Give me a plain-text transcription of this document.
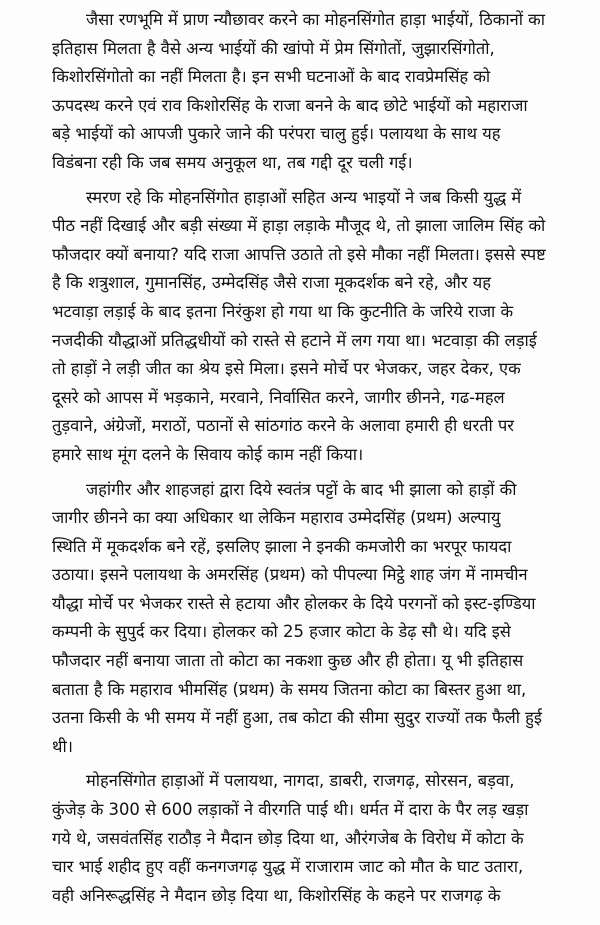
जैसा रणभूमि में प्राण न्यौछावर करने का मोहनसिंगोत हाड़ा भाईयों, ठिकानों का
इतिहास मिलता है वैसे अन्य भाईयों की खांपो में प्रेम सिंगोतों, जुझारसिंगोतो,
किशोरसिंगोतो का नहीं मिलता है। इन सभी घटनाओं के बाद रावप्रेमसिंह को
ऊपदस्थ करने एवं राव किशोरसिंह के राजा बनने के बाद छोटे भाईयों को महाराजा
बड़े भाईयों को आपजी पुकारे जाने की परंपरा चालु हुई। पलायथा के साथ यह
विडंबना रही कि जब समय अनुकूल था, तब गद्दी दूर चली गई।
स्मरण रहे कि मोहनसिंगोत हाड़ाओं सहित अन्य भाइयों ने जब किसी युद्ध में
पीठ नहीं दिखाई और बड़ी संख्या में हाड़ा लड़ाके मौजूद थे, तो झाला जालिम सिंह को
फौजदार क्यों बनाया? यदि राजा आपत्ति उठाते तो इसे मौका नहीं मिलता। इससे स्पष्ट
है कि शत्रुशाल, गुमानसिंह, उम्मेदसिंह जैसे राजा मूकदर्शक बने रहे, और यह
भटवाड़ा लड़ाई के बाद इतना निरंकुश हो गया था कि कुटनीति के जरिये राजा के
नजदीकी यौद्धाओं प्रतिद्धधीयों को रास्ते से हटाने में लग गया था। भटवाड़ा की लड़ाई
तो हाड़ों ने लड़ी जीत का श्रेय इसे मिला। इसने मोर्चे पर भेजकर, जहर देकर, एक
दूसरे को आपस में भड़काने, मरवाने, निर्वासित करने, जागीर छीनने, गढ-महल
तुड़वाने, अंग्रेजों, मराठों, पठानों से सांठगांठ करने के अलावा हमारी ही धरती पर
हमारे साथ मूंग दलने के सिवाय कोई काम नहीं किया।
जहांगीर और शाहजहां द्वारा दिये स्वतंत्र पट्टों के बाद भी झाला को हाड़ों की
जागीर छीनने का क्या अधिकार था लेकिन महाराव उम्मेदसिंह (प्रथम) अल्पायु
स्थिति में मूकदर्शक बने रहें, इसलिए झाला ने इनकी कमजोरी का भरपूर फायदा
उठाया। इसने पलायथा के अमरसिंह (प्रथम) को पीपल्या मिट्ठे शाह जंग में नामचीन
यौद्धा मोर्चे पर भेजकर रास्ते से हटाया और होलकर के दिये परगनों को इस्ट-इण्डिया
कम्पनी के सुपुर्द कर दिया। होलकर को 25 हजार कोटा के डेढ़ सौ थे। यदि इसे
फौजदार नहीं बनाया जाता तो कोटा का नकशा कुछ और ही होता। यू भी इतिहास
बताता है कि महाराव भीमसिंह (प्रथम) के समय जितना कोटा का बिस्तर हुआ था,
उतना किसी के भी समय में नहीं हुआ, तब कोटा की सीमा सुदुर राज्यों तक फैली हुई
थी।
मोहनसिंगोत हाड़ाओं में पलायथा, नागदा, डाबरी, राजगढ़, सोरसन, बड़वा,
कुंजेड़ के 300 से 600 लड़ाकों ने वीरगति पाई थी। धर्मत में दारा के पैर लड़ खड़ा
गये थे, जसवंतसिंह राठौड़ ने मैदान छोड़ दिया था, औरंगजेब के विरोध में कोटा के
चार भाई शहीद हुए वहीं कनगजगढ़ युद्ध में राजाराम जाट को मौत के घाट उतारा,
वही अनिरूद्धसिंह ने मैदान छोड़ दिया था, किशोरसिंह के कहने पर राजगढ़ के
